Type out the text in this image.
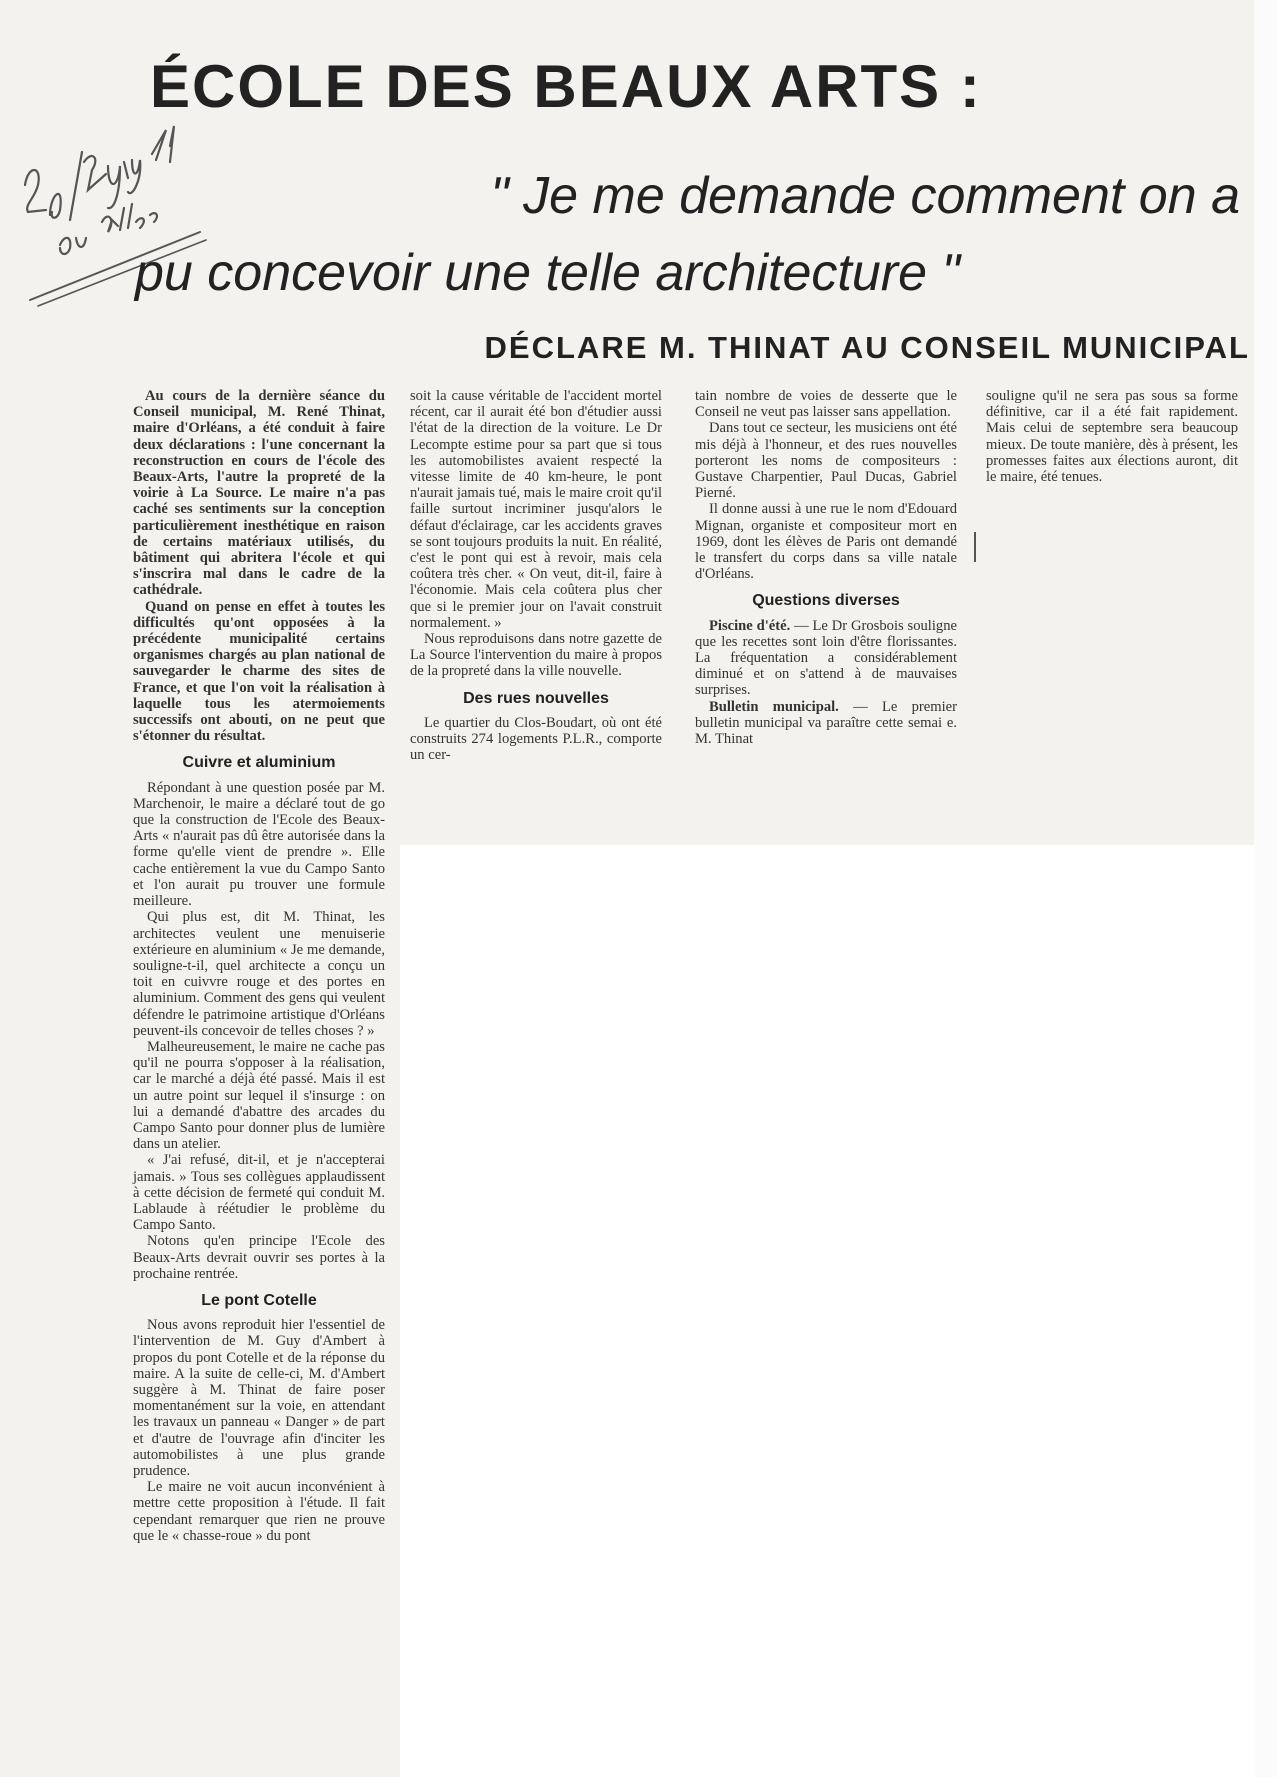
ÉCOLE DES BEAUX ARTS :
" Je me demande comment on a
pu concevoir une telle architecture "
DÉCLARE M. THINAT AU CONSEIL MUNICIPAL

Au cours de la dernière séance du Conseil municipal, M. René Thinat, maire d'Orléans, a été conduit à faire deux déclarations : l'une concernant la reconstruction en cours de l'école des Beaux-Arts, l'autre la propreté de la voirie à La Source. Le maire n'a pas caché ses sentiments sur la conception particulièrement inesthétique en raison de certains matériaux utilisés, du bâtiment qui abritera l'école et qui s'inscrira mal dans le cadre de la cathédrale.

Quand on pense en effet à toutes les difficultés qu'ont opposées à la précédente municipalité certains organismes chargés au plan national de sauvegarder le charme des sites de France, et que l'on voit la réalisation à laquelle tous les atermoiements successifs ont abouti, on ne peut que s'étonner du résultat.

Cuivre et aluminium

Répondant à une question posée par M. Marchenoir, le maire a déclaré tout de go que la construction de l'Ecole des Beaux-Arts « n'aurait pas dû être autorisée dans la forme qu'elle vient de prendre ». Elle cache entièrement la vue du Campo Santo et l'on aurait pu trouver une formule meilleure.

Qui plus est, dit M. Thinat, les architectes veulent une menuiserie extérieure en aluminium « Je me demande, souligne-t-il, quel architecte a conçu un toit en cuivvre rouge et des portes en aluminium. Comment des gens qui veulent défendre le patrimoine artistique d'Orléans peuvent-ils concevoir de telles choses ? »

Malheureusement, le maire ne cache pas qu'il ne pourra s'opposer à la réalisation, car le marché a déjà été passé. Mais il est un autre point sur lequel il s'insurge : on lui a demandé d'abattre des arcades du Campo Santo pour donner plus de lumière dans un atelier.

« J'ai refusé, dit-il, et je n'accepterai jamais. » Tous ses collègues applaudissent à cette décision de fermeté qui conduit M. Lablaude à réétudier le problème du Campo Santo.

Notons qu'en principe l'Ecole des Beaux-Arts devrait ouvrir ses portes à la prochaine rentrée.

Le pont Cotelle

Nous avons reproduit hier l'essentiel de l'intervention de M. Guy d'Ambert à propos du pont Cotelle et de la réponse du maire. A la suite de celle-ci, M. d'Ambert suggère à M. Thinat de faire poser momentanément sur la voie, en attendant les travaux un panneau « Danger » de part et d'autre de l'ouvrage afin d'inciter les automobilistes à une plus grande prudence.

Le maire ne voit aucun inconvénient à mettre cette proposition à l'étude. Il fait cependant remarquer que rien ne prouve que le « chasse-roue » du pont

soit la cause véritable de l'accident mortel récent, car il aurait été bon d'étudier aussi l'état de la direction de la voiture. Le Dr Lecompte estime pour sa part que si tous les automobilistes avaient respecté la vitesse limite de 40 km-heure, le pont n'aurait jamais tué, mais le maire croit qu'il faille surtout incriminer jusqu'alors le défaut d'éclairage, car les accidents graves se sont toujours produits la nuit. En réalité, c'est le pont qui est à revoir, mais cela coûtera très cher. « On veut, dit-il, faire à l'économie. Mais cela coûtera plus cher que si le premier jour on l'avait construit normalement. »

Nous reproduisons dans notre gazette de La Source l'intervention du maire à propos de la propreté dans la ville nouvelle.

Des rues nouvelles

Le quartier du Clos-Boudart, où ont été construits 274 logements P.L.R., comporte un cer-

tain nombre de voies de desserte que le Conseil ne veut pas laisser sans appellation.

Dans tout ce secteur, les musiciens ont été mis déjà à l'honneur, et des rues nouvelles porteront les noms de compositeurs : Gustave Charpentier, Paul Ducas, Gabriel Pierné.

Il donne aussi à une rue le nom d'Edouard Mignan, organiste et compositeur mort en 1969, dont les élèves de Paris ont demandé le transfert du corps dans sa ville natale d'Orléans.

Questions diverses

Piscine d'été. — Le Dr Grosbois souligne que les recettes sont loin d'être florissantes. La fréquentation a considérablement diminué et on s'attend à de mauvaises surprises.

Bulletin municipal. — Le premier bulletin municipal va paraître cette semai e. M. Thinat

souligne qu'il ne sera pas sous sa forme définitive, car il a été fait rapidement. Mais celui de septembre sera beaucoup mieux. De toute manière, dès à présent, les promesses faites aux élections auront, dit le maire, été tenues.
